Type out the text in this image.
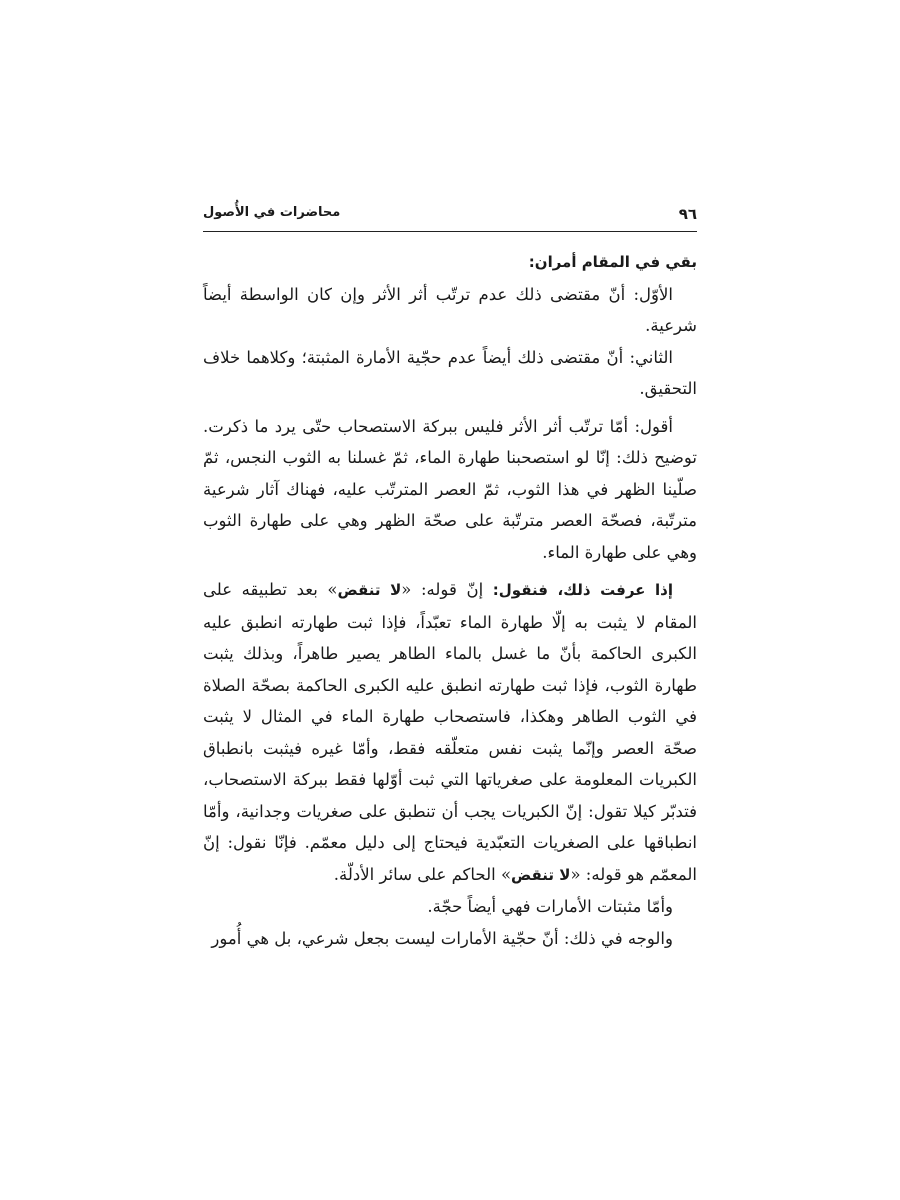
٩٦
محاضرات في الأُصول

بقي في المقام أمران:

الأوّل: أنّ مقتضى ذلك عدم ترتّب أثر الأثر وإن كان الواسطة أيضاً شرعية.

الثاني: أنّ مقتضى ذلك أيضاً عدم حجّية الأمارة المثبتة؛ وكلاهما خلاف التحقيق.

أقول: أمّا ترتّب أثر الأثر فليس ببركة الاستصحاب حتّى يرد ما ذكرت. توضيح ذلك: إنّا لو استصحبنا طهارة الماء، ثمّ غسلنا به الثوب النجس، ثمّ صلّينا الظهر في هذا الثوب، ثمّ العصر المترتّب عليه، فهناك آثار شرعية مترتّبة، فصحّة العصر مترتّبة على صحّة الظهر وهي على طهارة الثوب وهي على طهارة الماء.

إذا عرفت ذلك، فنقول: إنّ قوله: «لا تنقض» بعد تطبيقه على المقام لا يثبت به إلّا طهارة الماء تعبّداً، فإذا ثبت طهارته انطبق عليه الكبرى الحاكمة بأنّ ما غسل بالماء الطاهر يصير طاهراً، وبذلك يثبت طهارة الثوب، فإذا ثبت طهارته انطبق عليه الكبرى الحاكمة بصحّة الصلاة في الثوب الطاهر وهكذا، فاستصحاب طهارة الماء في المثال لا يثبت صحّة العصر وإنّما يثبت نفس متعلّقه فقط، وأمّا غيره فيثبت بانطباق الكبريات المعلومة على صغرياتها التي ثبت أوّلها فقط ببركة الاستصحاب، فتدبّر كيلا تقول: إنّ الكبريات يجب أن تنطبق على صغريات وجدانية، وأمّا انطباقها على الصغريات التعبّدية فيحتاج إلى دليل معمّم. فإنّا نقول: إنّ المعمّم هو قوله: «لا تنقض» الحاكم على سائر الأدلّة.

وأمّا مثبتات الأمارات فهي أيضاً حجّة.

والوجه في ذلك: أنّ حجّية الأمارات ليست بجعل شرعي، بل هي أُمور
